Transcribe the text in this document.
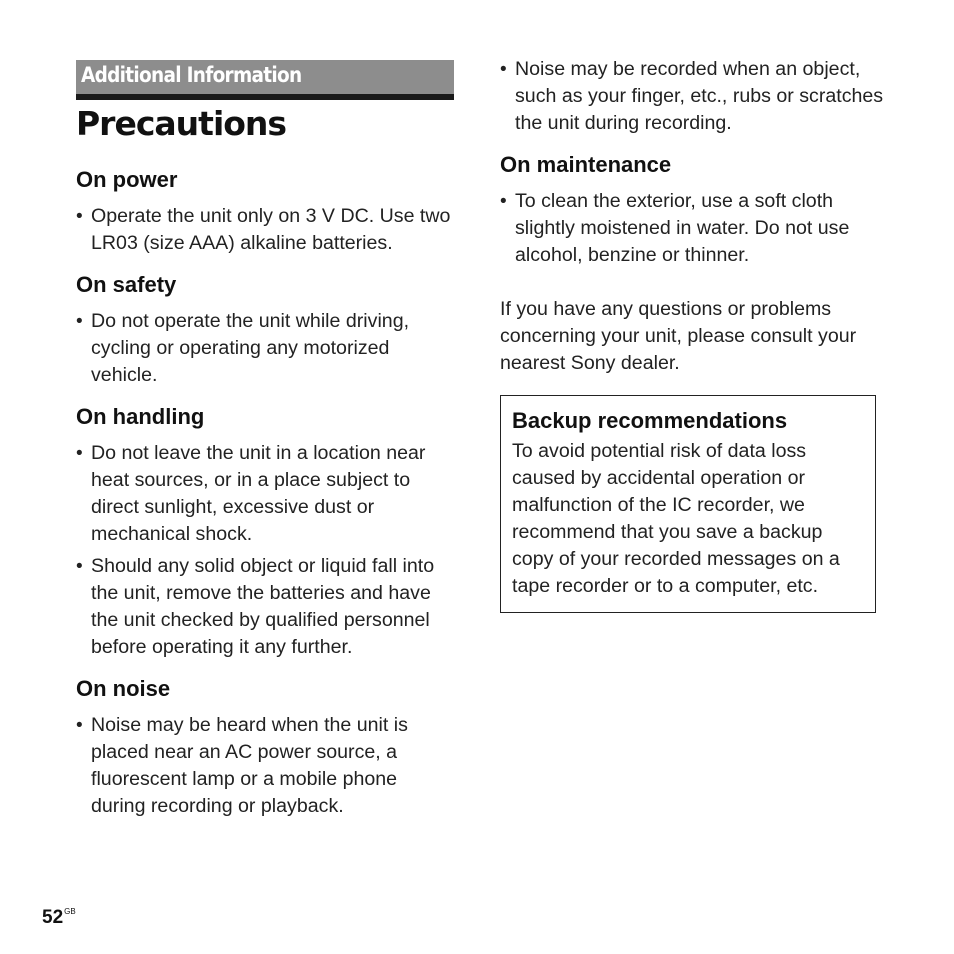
Additional Information
Precautions
On power
• Operate the unit only on 3 V DC. Use two LR03 (size AAA) alkaline batteries.
On safety
• Do not operate the unit while driving, cycling or operating any motorized vehicle.
On handling
• Do not leave the unit in a location near heat sources, or in a place subject to direct sunlight, excessive dust or mechanical shock.
• Should any solid object or liquid fall into the unit, remove the batteries and have the unit checked by qualified personnel before operating it any further.
On noise
• Noise may be heard when the unit is placed near an AC power source, a fluorescent lamp or a mobile phone during recording or playback.
• Noise may be recorded when an object, such as your finger, etc., rubs or scratches the unit during recording.
On maintenance
• To clean the exterior, use a soft cloth slightly moistened in water. Do not use alcohol, benzine or thinner.

If you have any questions or problems concerning your unit, please consult your nearest Sony dealer.

Backup recommendations

To avoid potential risk of data loss caused by accidental operation or malfunction of the IC recorder, we recommend that you save a backup copy of your recorded messages on a tape recorder or to a computer, etc.

$52^{GB}$
